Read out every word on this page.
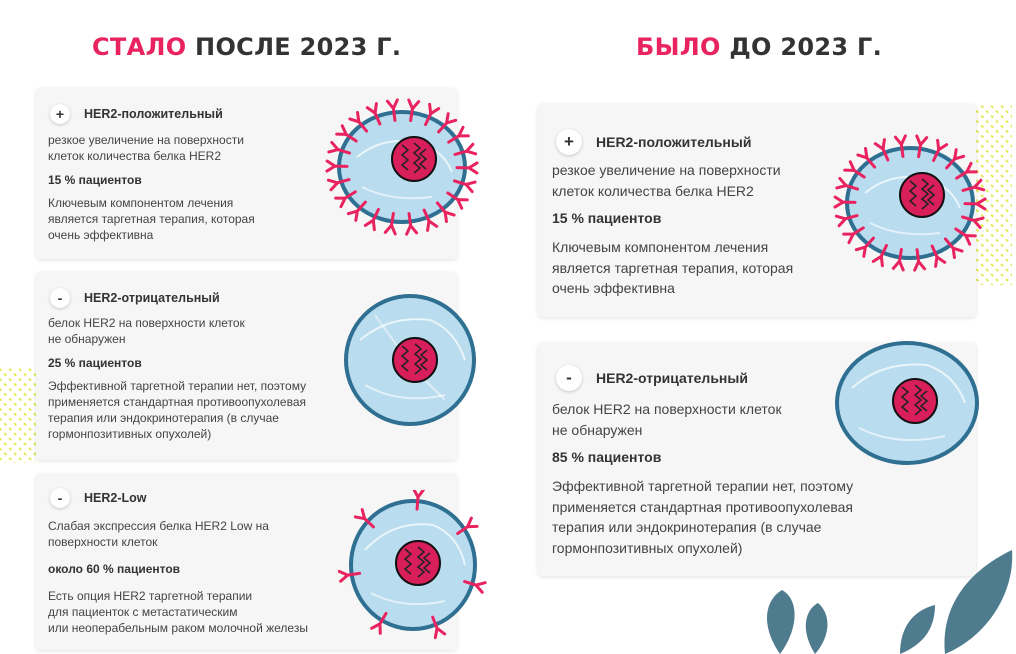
СТАЛО ПОСЛЕ 2023 Г.	БЫЛО ДО 2023 Г.
+	HER2-положительный
резкое увеличение на поверхности
клеток количества белка HER2
15 % пациентов
Ключевым компонентом лечения
является таргетная терапия, которая
очень эффективна
-	HER2-отрицательный
белок HER2 на поверхности клеток
не обнаружен
25 % пациентов
Эффективной таргетной терапии нет, поэтому
применяется стандартная противоопухолевая
терапия или эндокринотерапия (в случае
гормонпозитивных опухолей)
-	HER2-Low
Слабая экспрессия белка HER2 Low на
поверхности клеток
около 60 % пациентов
Есть опция HER2 таргетной терапии
для пациенток с метастатическим
или неоперабельным раком молочной железы
+	HER2-положительный
резкое увеличение на поверхности
клеток количества белка HER2
15 % пациентов
Ключевым компонентом лечения
является таргетная терапия, которая
очень эффективна
-	HER2-отрицательный
белок HER2 на поверхности клеток
не обнаружен
85 % пациентов
Эффективной таргетной терапии нет, поэтому
применяется стандартная противоопухолевая
терапия или эндокринотерапия (в случае
гормонпозитивных опухолей)
